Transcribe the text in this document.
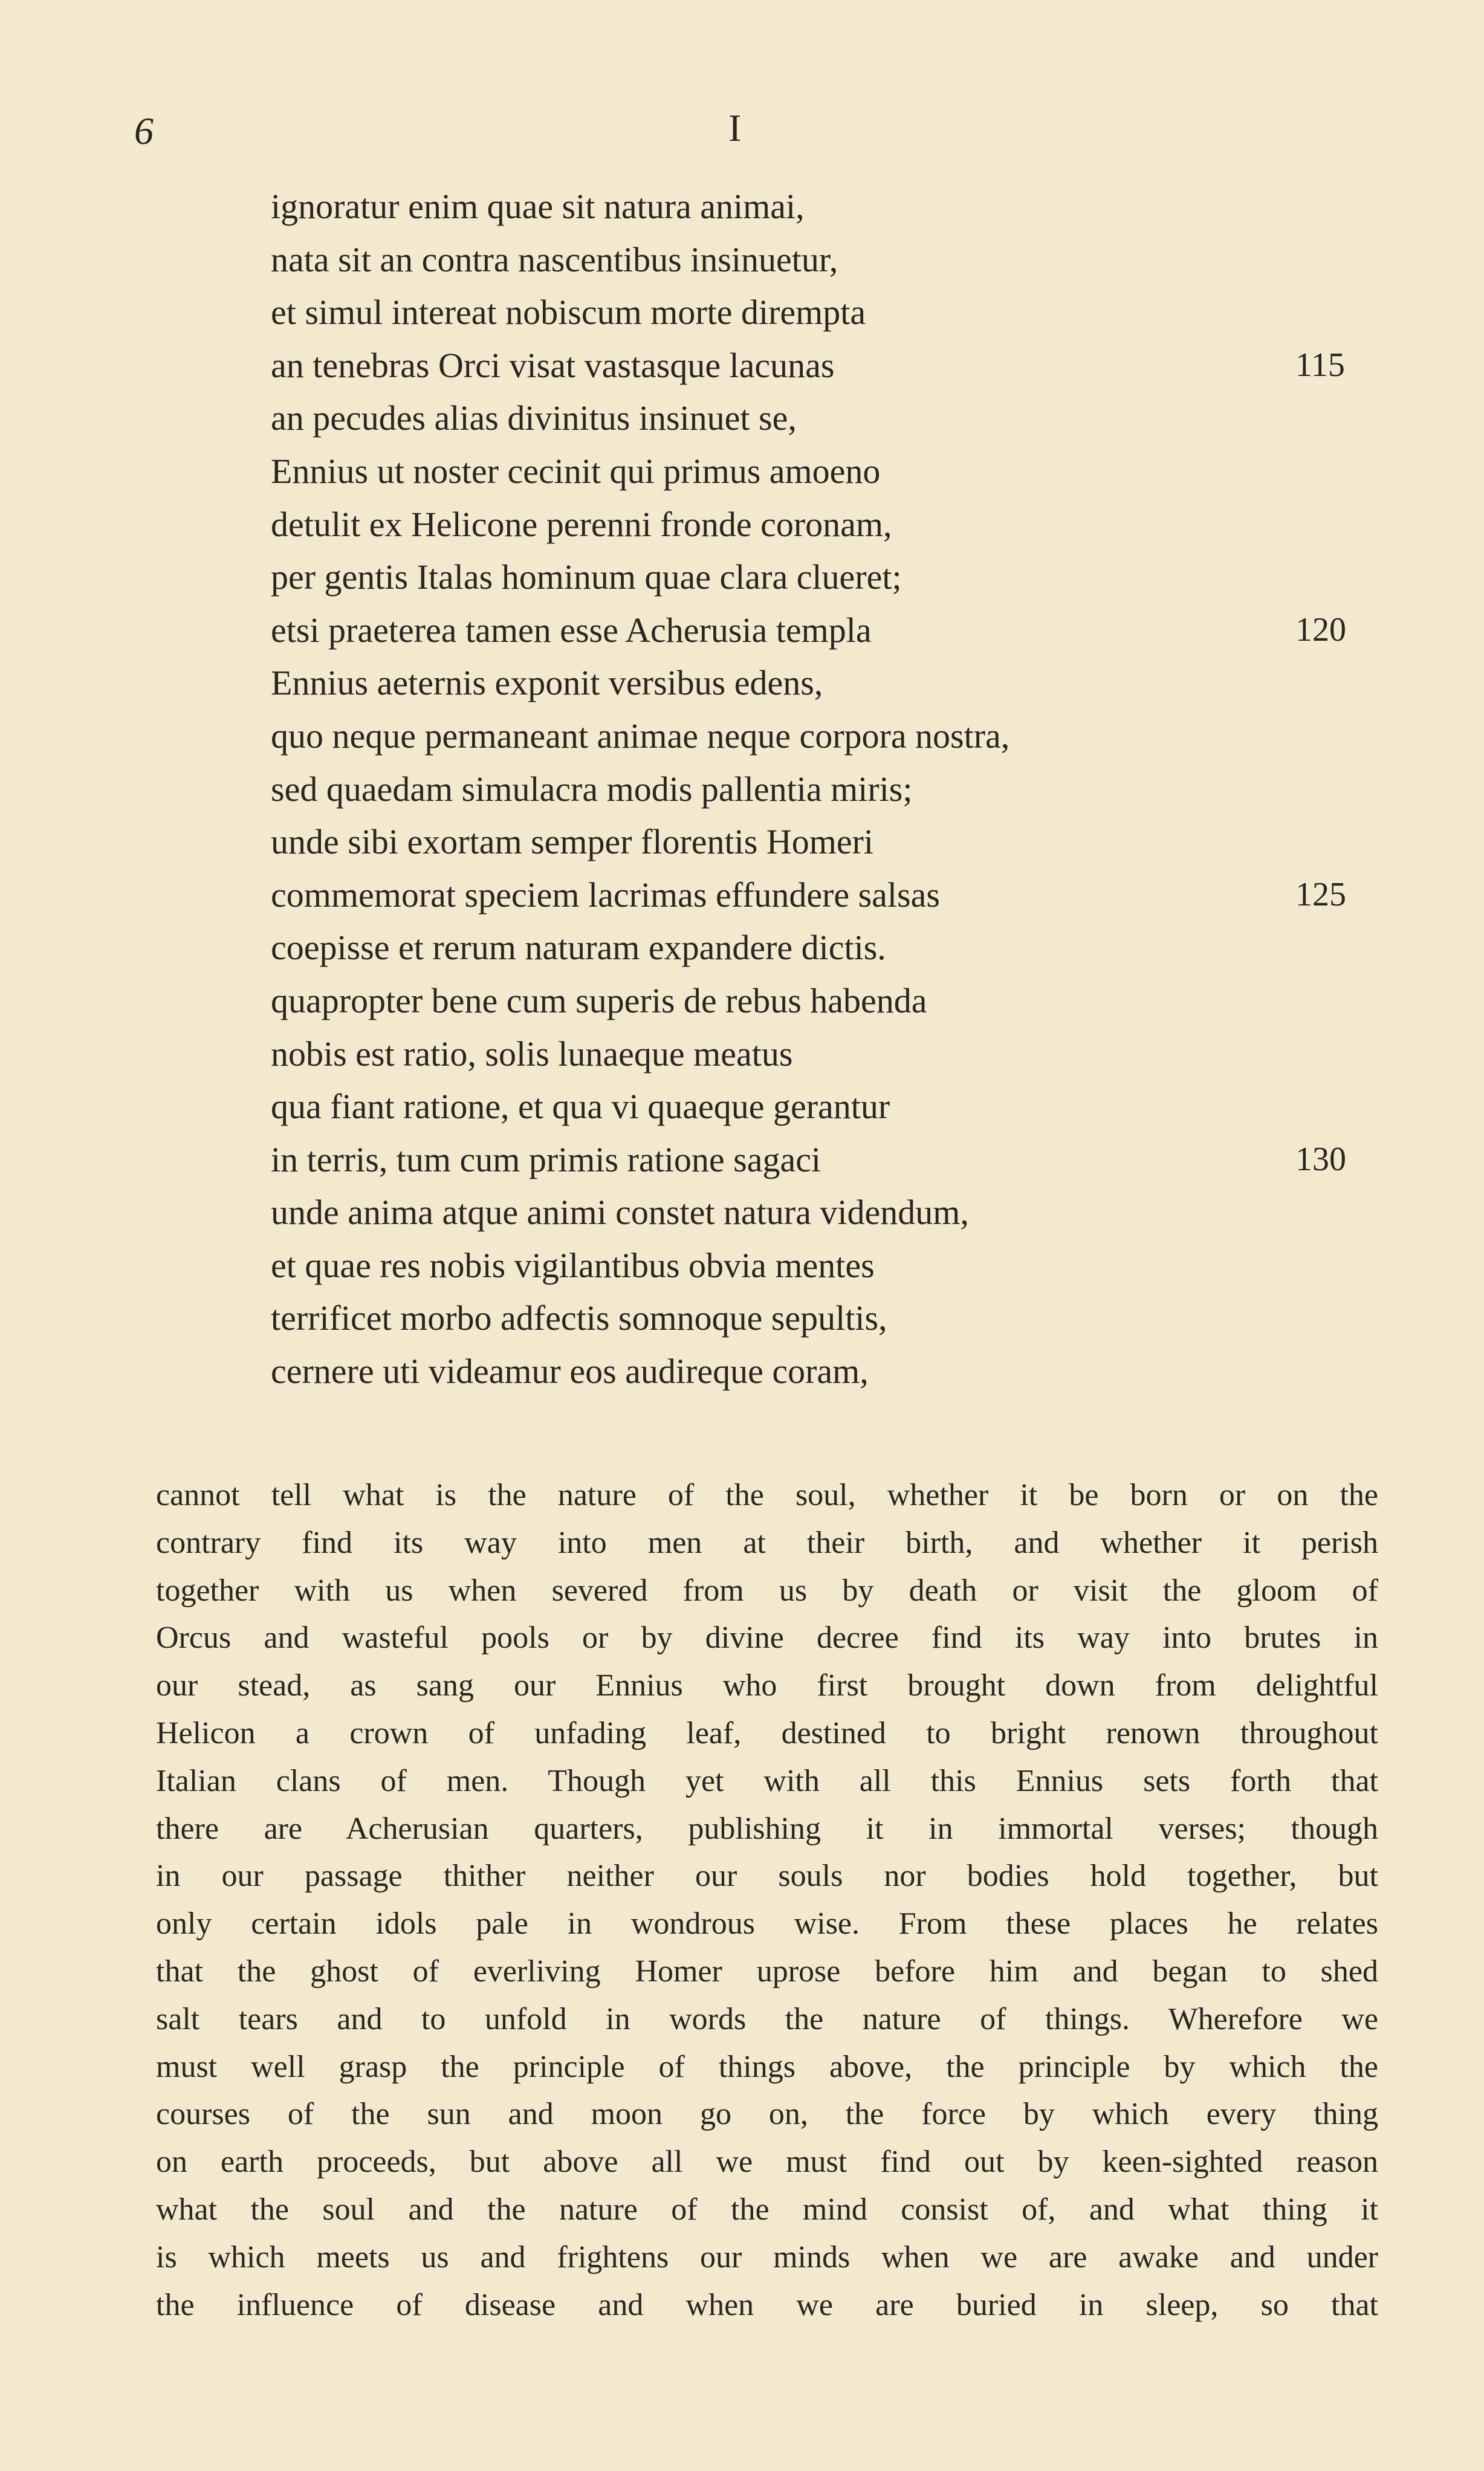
6	I
ignoratur enim quae sit natura animai,
nata sit an contra nascentibus insinuetur,
et simul intereat nobiscum morte dirempta
an tenebras Orci visat vastasque lacunas	115
an pecudes alias divinitus insinuet se,
Ennius ut noster cecinit qui primus amoeno
detulit ex Helicone perenni fronde coronam,
per gentis Italas hominum quae clara clueret;
etsi praeterea tamen esse Acherusia templa	120
Ennius aeternis exponit versibus edens,
quo neque permaneant animae neque corpora nostra,
sed quaedam simulacra modis pallentia miris;
unde sibi exortam semper florentis Homeri
commemorat speciem lacrimas effundere salsas	125
coepisse et rerum naturam expandere dictis.
quapropter bene cum superis de rebus habenda
nobis est ratio, solis lunaeque meatus
qua fiant ratione, et qua vi quaeque gerantur
in terris, tum cum primis ratione sagaci	130
unde anima atque animi constet natura videndum,
et quae res nobis vigilantibus obvia mentes
terrificet morbo adfectis somnoque sepultis,
cernere uti videamur eos audireque coram,
cannot tell what is the nature of the soul, whether it be born or on the
contrary find its way into men at their birth, and whether it perish
together with us when severed from us by death or visit the gloom of
Orcus and wasteful pools or by divine decree find its way into brutes in
our stead, as sang our Ennius who first brought down from delightful
Helicon a crown of unfading leaf, destined to bright renown throughout
Italian clans of men. Though yet with all this Ennius sets forth that
there are Acherusian quarters, publishing it in immortal verses; though
in our passage thither neither our souls nor bodies hold together, but
only certain idols pale in wondrous wise. From these places he relates
that the ghost of everliving Homer uprose before him and began to shed
salt tears and to unfold in words the nature of things. Wherefore we
must well grasp the principle of things above, the principle by which the
courses of the sun and moon go on, the force by which every thing
on earth proceeds, but above all we must find out by keen-sighted reason
what the soul and the nature of the mind consist of, and what thing it
is which meets us and frightens our minds when we are awake and under
the influence of disease and when we are buried in sleep, so that
